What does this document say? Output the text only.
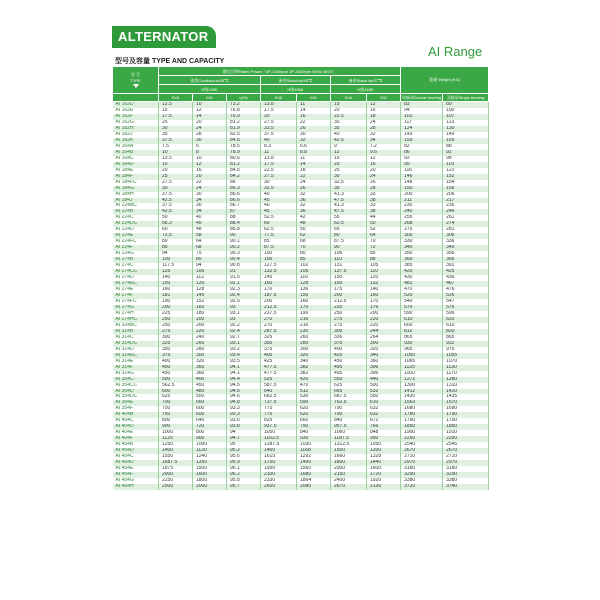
ALTERNATOR
AI Range
型号及容量 TYPE AND CAPACITY
型 号
TYPE	额定功率Rated Power（4P-1500rpm 2P-3000rpm 50Hz 400V）							重量 Weight (KG)	
	连续Continuous/40℃			备用Stand by/45℃		备用Stand by/27℃			
	H级125K			H级150K		H级163K			
	KVA	KW	η(%)	KVA	KW	KVA	KW	单轴承Double bearing	双轴承Single bearing
AI 162D	12.5	10	73.2	13.8	11	15	12	83	89
AI 162E	15	12	76.8	17.5	14	20	16	94	100
AI 162F	17.5	14	76.9	20	16	22.5	18	101	107
AI 162G	25	20	81.2	27.5	22	30	24	117	123
AI 182H	30	24	81.9	33.5	26	35	28	124	130
AI 182J	35	28	82.5	37.5	30	40	32	143	149
AI 182K	37.5	30	84.5	40	32	42.5	34	159	165
AI 164A	7.5	6	78.5	8.3	6.6	9	7.2	82	88
AI 164B	10	8	78.9	11	8.8	12	9.6	86	92
AI 164C	13.5	10	80.6	13.8	11	15	12	92	98
AI 164D	15	12	81.2	17.5	14	20	16	95	101
AI 184E	20	16	84.5	22.5	18	25	20	116	122
AI 184F	25	20	84.2	27.5	22	30	24	146	152
AI 184FC	27.5	22	86	30	24	32.5	26	148	154
AI 184G	30	24	86.3	32.5	26	35	28	150	156
AI 184H	37.5	30	86.6	40	32	41.3	33	200	206
AI 184J	42.5	34	86.6	45	36	47.5	38	211	217
AI 224BC	37.5	30	86.7	40	32	41.3	33	230	236
AI 224B	42.5	34	87	45	36	47.5	38	240	246
AI 224C	50	40	88	52.5	42	55	44	255	261
AI 224DC	56.3	45	88.4	60	48	62.5	50	268	274
AI 224D	60	48	88.8	62.5	50	65	52	275	281
AI 224E	72.5	58	90	77.5	62	80	64	300	306
AI 224FC	80	64	90.1	85	68	87.5	70	330	336
AI 224F	85	68	90.2	87.5	70	90	72	340	346
AI 224G	94	75	90.3	100	80	106	85	350	356
AI 274B	100	80	90.4	106	85	110	88	360	366
AI 274C	117.5	94	90.8	127.5	102	131	105	385	391
AI 274CC	125	100	91	132.5	106	137.5	110	420	425
AI 274D	140	112	91.5	145	116	150	120	430	436
AI 274EC	150	120	92.1	160	128	165	132	481	467
AI 274E	160	128	92.3	170	136	175	140	470	476
AI 274F	181	145	92.4	187.5	150	200	160	520	526
AI 274FC	190	152	92.5	200	160	212.5	170	540	547
AI 274G	200	160	93	212.5	170	220	176	570	576
AI 274H	225	180	93.1	237.5	190	250	200	590	596
AI 274HC	250	200	93	270	216	275	220	610	620
AI 324BC	250	200	92.2	270	216	275	220	600	610
AI 314B	275	220	92.4	287.5	230	305	244	812	820
AI 314C	300	240	92.7	325	260	336	264	865	865
AI 314DC	325	260	93.1	350	280	375	300	930	932
AI 314D	350	280	93.2	375	300	400	320	965	975
AI 314EC	375	300	93.4	400	320	425	340	1050	1055
AI 314E	400	320	93.5	425	340	450	360	1065	1070
AI 314F	450	360	94.1	477.5	382	495	396	1125	1130
AI 314G	450	360	94.1	477.5	382	495	396	1160	1170
AI 354C	500	400	94.4	525	420	550	440	1272	1280
AI 354CC	562.5	450	94.5	587.5	470	625	500	1300	1310
AI 354D	600	480	94.6	640	512	665	532	1412	1420
AI 354DC	625	500	94.6	662.5	530	687.5	550	1430	1435
AI 354E	700	560	94.8	737.5	590	762.5	610	1563	1570
AI 354F	750	600	93.3	775	620	790	632	1680	1690
AI 404B	750	600	93.3	775	620	790	632	1780	1790
AI 404C	800	640	93.6	825	660	840	672	1790	1790
AI 404D	900	720	93.8	937.5	750	957.5	766	1850	1850
AI 404E	1000	800	94	1050	840	1060	848	1900	1910
AI 404F	1125	900	94.7	1162.5	930	1187.5	950	2250	2250
AI 454B	1250	1000	95	1287.5	1030	1312.5	1050	2540	2545
AI 454D	1400	1120	95.2	1460	1168	1500	1200	2670	2670
AI 454C	1550	1240	95.6	1615	1292	1660	1328	2710	2710
AI 454D	1687.5	1350	95.9	1750	1400	1800	1440	2970	2970
AI 454E	1875	1500	96.1	1950	1560	2000	1600	3180	3180
AI 454F	2000	1600	96.2	2100	1680	2150	1720	3290	3290
AI 454G	2250	1800	95.8	2330	1864	2400	1920	3380	3380
AI 454H	2500	2000	95.7	2600	2080	2670	2136	3720	3740
